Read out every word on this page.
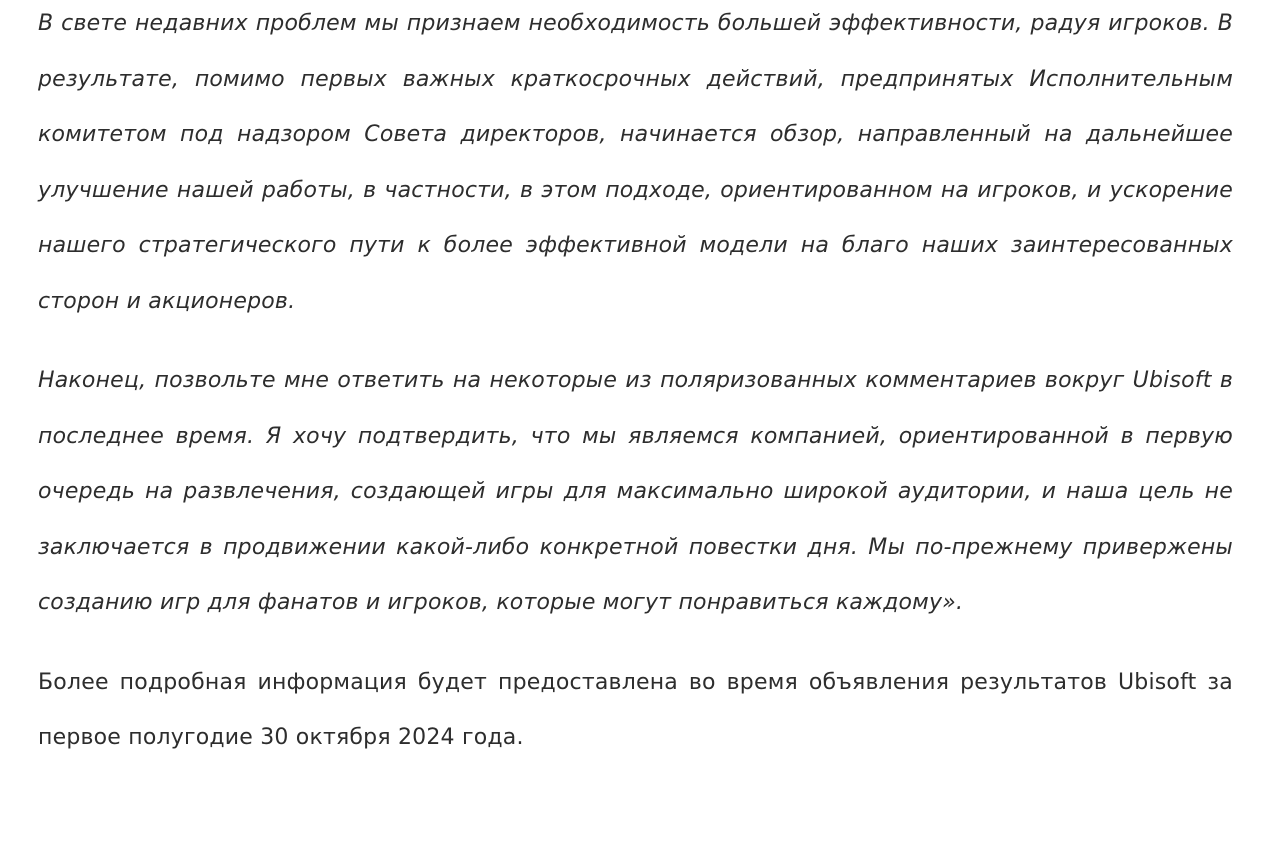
В свете недавних проблем мы признаем необходимость большей эффективности, радуя игроков. В результате, помимо первых важных краткосрочных действий, предпринятых Исполнительным комитетом под надзором Совета директоров, начинается обзор, направленный на дальнейшее улучшение нашей работы, в частности, в этом подходе, ориентированном на игроков, и ускорение нашего стратегического пути к более эффективной модели на благо наших заинтересованных сторон и акционеров.

Наконец, позвольте мне ответить на некоторые из поляризованных комментариев вокруг Ubisoft в последнее время. Я хочу подтвердить, что мы являемся компанией, ориентированной в первую очередь на развлечения, создающей игры для максимально широкой аудитории, и наша цель не заключается в продвижении какой-либо конкретной повестки дня. Мы по-прежнему привержены созданию игр для фанатов и игроков, которые могут понравиться каждому».

Более подробная информация будет предоставлена во время объявления результатов Ubisoft за первое полугодие 30 октября 2024 года.
